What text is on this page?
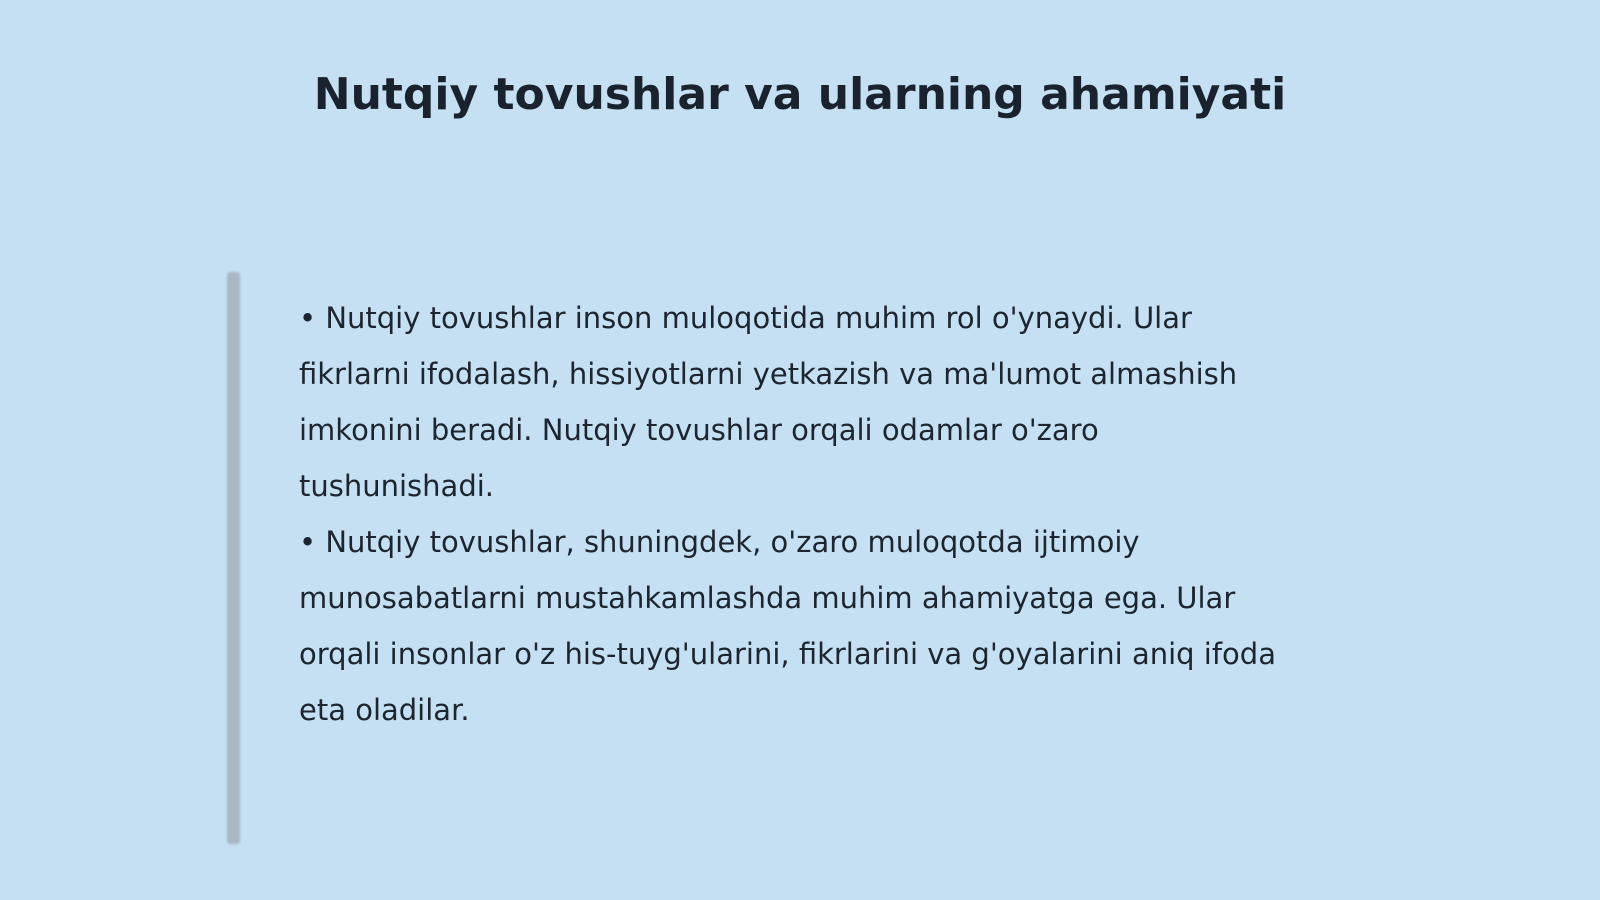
Nutqiy tovushlar va ularning ahamiyati

• Nutqiy tovushlar inson muloqotida muhim rol o'ynaydi. Ular fikrlarni ifodalash, hissiyotlarni yetkazish va ma'lumot almashish imkonini beradi. Nutqiy tovushlar orqali odamlar o'zaro tushunishadi.

• Nutqiy tovushlar, shuningdek, o'zaro muloqotda ijtimoiy munosabatlarni mustahkamlashda muhim ahamiyatga ega. Ular orqali insonlar o'z his-tuyg'ularini, fikrlarini va g'oyalarini aniq ifoda eta oladilar.
